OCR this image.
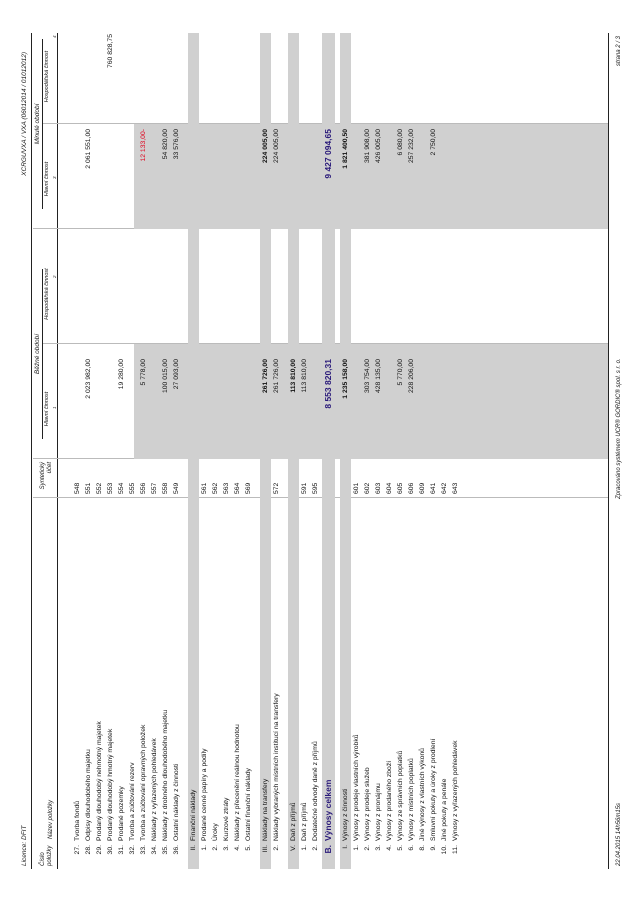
Licence: DFIT
XCRGUVXA / VXA (06012014 / 01012012)
Číslo
položky
Název položky
Syntetický
účet
Běžné období
Minulé období
Hlavní činnost
Hospodářská činnost
Hlavní činnost
Hospodářská činnost
1
2
3
4
27.
Tvorba fondů
548
28.
Odpisy dlouhodobého majetku
551
2 023 982,00
2 061 551,00
29.
Prodaný dlouhodobý nehmotný majetek
552
30.
Prodaný dlouhodobý hmotný majetek
553
760 828,75
31.
Prodané pozemky
554
19 280,00
32.
Tvorba a zúčtování rezerv
555
33.
Tvorba a zúčtování opravných položek
556
5 778,00
12 133,00-
34.
Náklady z vyřazených pohledávek
557
35.
Náklady z drobného dlouhodobého majetku
558
100 015,00
54 820,00
36.
Ostatní náklady z činnosti
549
27 093,00
33 576,00
II.
Finanční náklady
1.
Prodané cenné papíry a podíly
561
2.
Úroky
562
3.
Kurzové ztráty
563
4.
Náklady z přecenění reálnou hodnotou
564
5.
Ostatní finanční náklady
569
III.
Náklady na transfery
261 726,00
224 005,00
2.
Náklady vybraných místních institucí na transfery
572
261 726,00
224 005,00
V.
Daň z příjmů
113 810,00
1.
Daň z příjmů
591
113 810,00
2.
Dodatečné odvody daně z příjmů
595
B.
Výnosy celkem
8 553 820,31
9 427 094,65
I.
Výnosy z činnosti
1 235 158,00
1 821 400,50
1.
Výnosy z prodeje vlastních výrobků
601
2.
Výnosy z prodeje služeb
602
303 754,00
381 908,00
3.
Výnosy z pronájmu
603
428 135,00
426 005,00
4.
Výnosy z prodaného zboží
604
5.
Výnosy ze správních poplatků
605
5 770,00
6 080,00
6.
Výnosy z místních poplatků
606
228 206,00
257 232,00
8.
Jiné výnosy z vlastních výkonů
609
9.
Smluvní pokuty a úroky z prodlení
641
2 750,00
10.
Jiné pokuty a penále
642
11.
Výnosy z vyřazených pohledávek
643
22.04.2015 14h56m15s
Zpracováno systémem UCR® GORDIC® spol. s r. o.
strana 2 / 3
